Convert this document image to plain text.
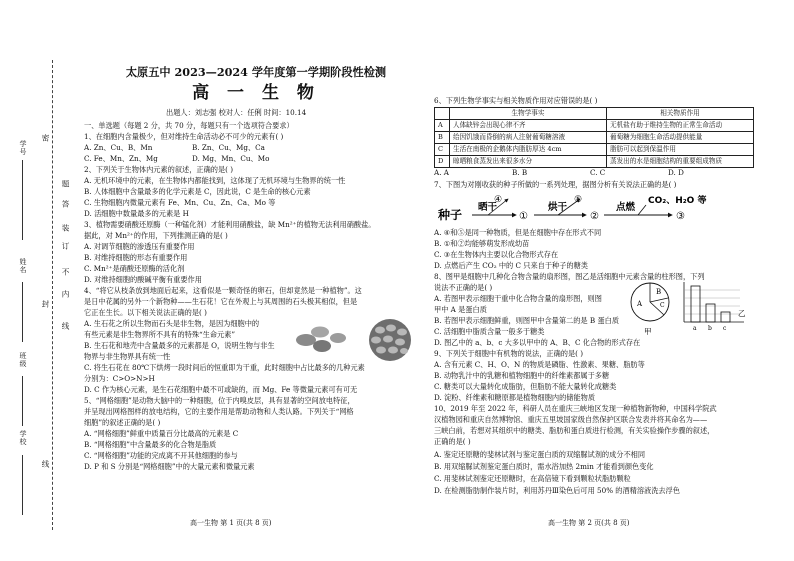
学号
姓名
班级
学校
密
封
线
装
订
线
内
不
答
题
太原五中 2023—2024 学年度第一学期阶段性检测
高 一 生 物
出题人：刘志强 校对人：任俐 时间：10.14
一、单选题（每题 2 分，共 70 分，每题只有一个选项符合要求）
1、在细胞内含量极少，但对维持生命活动必不可少的元素有( )
A. Zn、Cu、B、Mn	B. Zn、Cu、Mg、Ca
C. Fe、Mn、Zn、Mg	D. Mg、Mn、Cu、Mo
2、下列关于生物体内元素的叙述，正确的是( )
A. 无机环境中的元素，在生物体内都能找到，这体现了无机环境与生物界的统一性
B. 人体细胞中含量最多的化学元素是 C，因此说，C 是生命的核心元素
C. 生物细胞内微量元素有 Fe、Mn、Cu、Zn、Ca、Mo 等
D. 活细胞中数量最多的元素是 H
3、植物需要硝酸还原酶（一种锰化剂）才能利用硝酸盐，缺 Mn²⁺的植物无法利用硝酸盐。
据此，对 Mn²⁺的作用，下列推测正确的是( )
A. 对调节细胞的渗透压有重要作用
B. 对维持细胞的形态有重要作用
C. Mn²⁺是硝酸还原酶的活化剂
D. 对维持细胞的酸碱平衡有重要作用
4、“将它从枝条放到地面后起来，这看似是一颗奇怪的卵石，但却竟然是一种植物”。这
是日中花属的另外一个新物种——生石花！它在外观上与其周围的石头极其相似，但是
它正在生长。以下相关说法正确的是( )
A. 生石花之所以生物而石头是非生物，是因为细胞中的
有些元素是非生物界所不具有的特殊“生命元素”
B. 生石花和地壳中含量最多的元素都是 O，说明生物与非生
物界与非生物界具有统一性
C. 将生石花在 80℃下烘烤一段时间后的恒重即为干重，此时细胞中占比最多的几种元素
分别为：C>O>N>H
D. C 作为核心元素，是生石花细胞中最不可或缺的，而 Mg、Fe 等微量元素可有可无
5、“网格细胞”是动物大脑中的一种细胞，位于内嗅皮层，具有显著的空间放电特征，
并呈现出网格图样的放电结构，它的主要作用是帮助动物和人类认路。下列关于“网格
细胞”的叙述正确的是( )
A. “网格细胞”鲜重中质量百分比最高的元素是 C
B. “网格细胞”中含量最多的化合物是脂质
C. “网格细胞”功能的完成离不开其他细胞的参与
D. P 和 S 分别是“网格细胞”中的大量元素和微量元素
高一生物 第 1 页(共 8 页)
6、下列生物学事实与相关物质作用对应错误的是( )
	生物学事实	相关物质作用
A	人体缺锌会出现心律不齐	无机盐有助于维持生物的正常生命活动
B	给因饥饿而昏倒的病人注射葡萄糖溶液	葡萄糖为细胞生命活动提供能量
C	生活在南极的企鹅体内脂肪厚达 4cm	脂肪可以起到保温作用
D	晾晒粮食蒸发出来很多水分	蒸发出的水是细胞结构的重要组成物质
A. A	B. B	C. C	D. D
7、下图为对刚收获的种子所做的一系列处理，据图分析有关说法正确的是( )
种子
晒干
④
①
烘干
⑤
②
点燃
CO₂、H₂O 等
③
A. ④和⑤是同一种物质，但是在细胞中存在形式不同
B. ①和②均能够萌发形成幼苗
C. ③在生物体内主要以化合物形式存在
D. 点燃后产生 CO₂ 中的 C 只来自于种子的糖类
8、图甲是细胞中几种化合物含量的扇形图，图乙是活细胞中元素含量的柱形图，下列
说法不正确的是( )
A. 若图甲表示细胞干重中化合物含量的扇形图，则图
甲中 A 是蛋白质
B. 若图甲表示细胞鲜重，则图甲中含量第二的是 B 蛋白质
C. 活细胞中脂质含量一般多于糖类
D. 图乙中的 a、b、c 大多以甲中的 A、B、C 化合物的形式存在
A
B
C
甲	a b c
乙
9、下列关于细胞中有机物的说法，正确的是( )
A. 含有元素 C、H、O、N 的物质是磷脂、性激素、果糖、脂肪等
B. 动物乳汁中的乳糖和植物细胞中的纤维素都属于多糖
C. 糖类可以大量转化成脂肪，但脂肪不能大量转化成糖类
D. 淀粉、纤维素和糖原都是植物细胞内的储能物质
10、2019 年至 2022 年，科研人员在重庆三峡地区发现一种植物新物种，中国科学院武
汉植物园和重庆自然博物馆、重庆五里坡国家级自然保护区联合发表并将其命名为——
三峡白前，若想对其组织中的糖类、脂肪和蛋白质进行检测，有关实验操作步骤的叙述，
正确的是( )
A. 鉴定还原糖的斐林试剂与鉴定蛋白质的双缩脲试剂的成分不相同
B. 用双缩脲试剂鉴定蛋白质时，需水浴加热 2min 才能看到颜色变化
C. 用斐林试剂鉴定还原糖时，在高倍镜下看到颗粒状脂肪颗粒
D. 在检测脂肪制作装片时，利用苏丹Ⅲ染色后可用 50% 的酒精溶液洗去浮色
高一生物 第 2 页(共 8 页)
